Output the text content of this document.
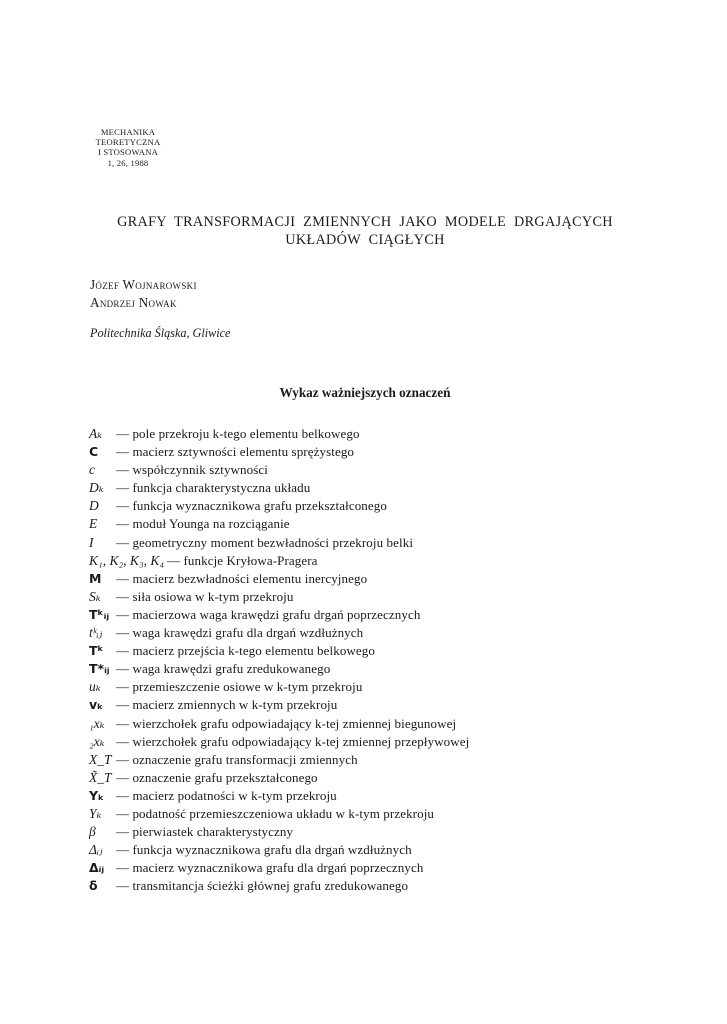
MECHANIKA
TEORETYCZNA
I STOSOWANA
1, 26, 1988
GRAFY TRANSFORMACJI ZMIENNYCH JAKO MODELE DRGAJĄCYCH
UKŁADÓW CIĄGŁYCH
Józef Wojnarowski
Andrzej Nowak
Politechnika Śląska, Gliwice
Wykaz ważniejszych oznaczeń
Aₖ	— pole przekroju k-tego elementu belkowego
C	— macierz sztywności elementu sprężystego
c	— współczynnik sztywności
Dₖ — funkcja charakterystyczna układu
D	— funkcja wyznacznikowa grafu przekształconego
E	— moduł Younga na rozciąganie
I	— geometryczny moment bezwładności przekroju belki
K₁, K₂, K₃, K₄ — funkcje Kryłowa-Pragera
M	— macierz bezwładności elementu inercyjnego
Sₖ	— siła osiowa w k-tym przekroju
Tᵏᵢⱼ — macierzowa waga krawędzi grafu drgań poprzecznych
tᵏᵢⱼ	— waga krawędzi grafu dla drgań wzdłużnych
Tᵏ — macierz przejścia k-tego elementu belkowego
T*ᵢⱼ — waga krawędzi grafu zredukowanego
uₖ	— przemieszczenie osiowe w k-tym przekroju
vₖ — macierz zmiennych w k-tym przekroju
₁xₖ — wierzchołek grafu odpowiadający k-tej zmiennej biegunowej
₂xₖ — wierzchołek grafu odpowiadający k-tej zmiennej przepływowej
X_T — oznaczenie grafu transformacji zmiennych
X̃_T — oznaczenie grafu przekształconego
Yₖ — macierz podatności w k-tym przekroju
Yₖ	— podatność przemieszczeniowa układu w k-tym przekroju
β	— pierwiastek charakterystyczny
Δᵢⱼ	— funkcja wyznacznikowa grafu dla drgań wzdłużnych
Δᵢⱼ — macierz wyznacznikowa grafu dla drgań poprzecznych
δ	— transmitancja ścieżki głównej grafu zredukowanego
